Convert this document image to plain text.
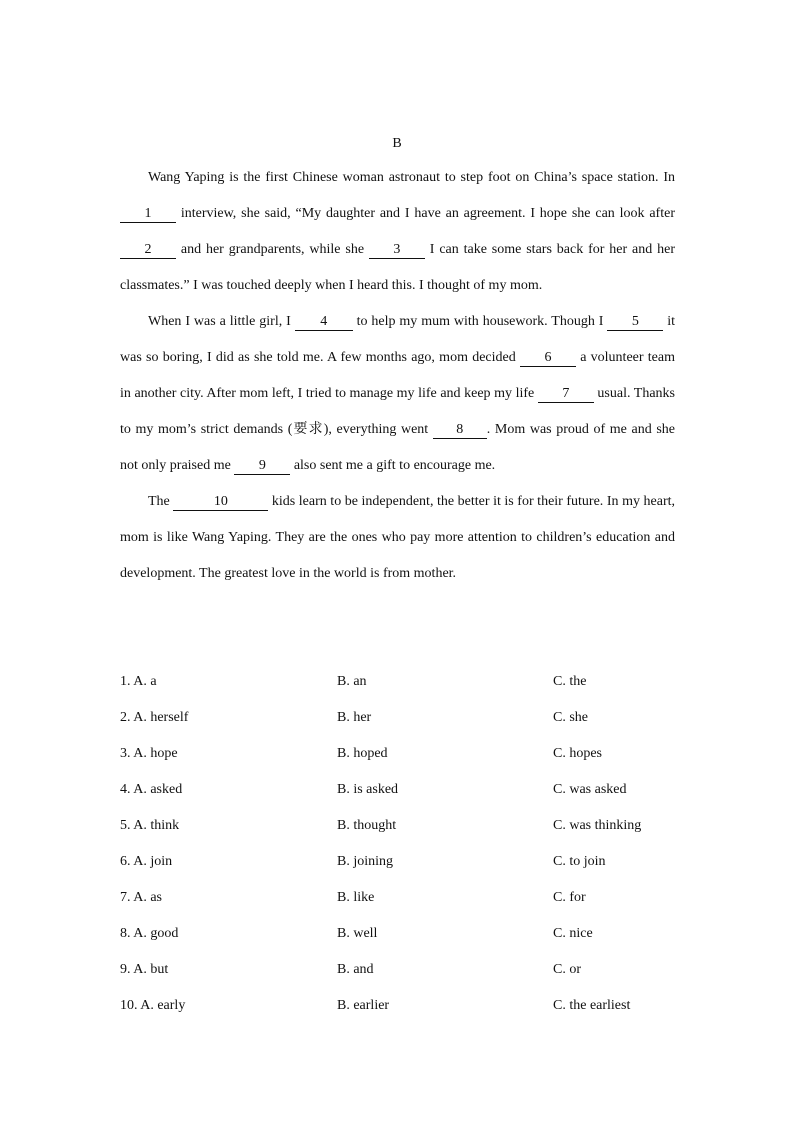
B

Wang Yaping is the first Chinese woman astronaut to step foot on China’s space station. In 1 interview, she said, “My daughter and I have an agreement. I hope she can look after 2 and her grandparents, while she 3 I can take some stars back for her and her classmates.” I was touched deeply when I heard this. I thought of my mom.

When I was a little girl, I 4 to help my mum with housework. Though I 5 it was so boring, I did as she told me. A few months ago, mom decided 6 a volunteer team in another city. After mom left, I tried to manage my life and keep my life 7 usual. Thanks to my mom’s strict demands (要求), everything went 8 . Mom was proud of me and she not only praised me 9 also sent me a gift to encourage me.

The	10	kids learn to be independent, the better it is for their future. In my heart, mom is like Wang Yaping. They are the ones who pay more attention to children’s education and development. The greatest love in the world is from mother.

1. A. a	B. an	C. the
2. A. herself	B. her	C. she
3. A. hope	B. hoped	C. hopes
4. A. asked	B. is asked	C. was asked
5. A. think	B. thought	C. was thinking
6. A. join	B. joining	C. to join
7. A. as	B. like	C. for
8. A. good	B. well	C. nice
9. A. but	B. and	C. or
10. A. early	B. earlier	C. the earliest
